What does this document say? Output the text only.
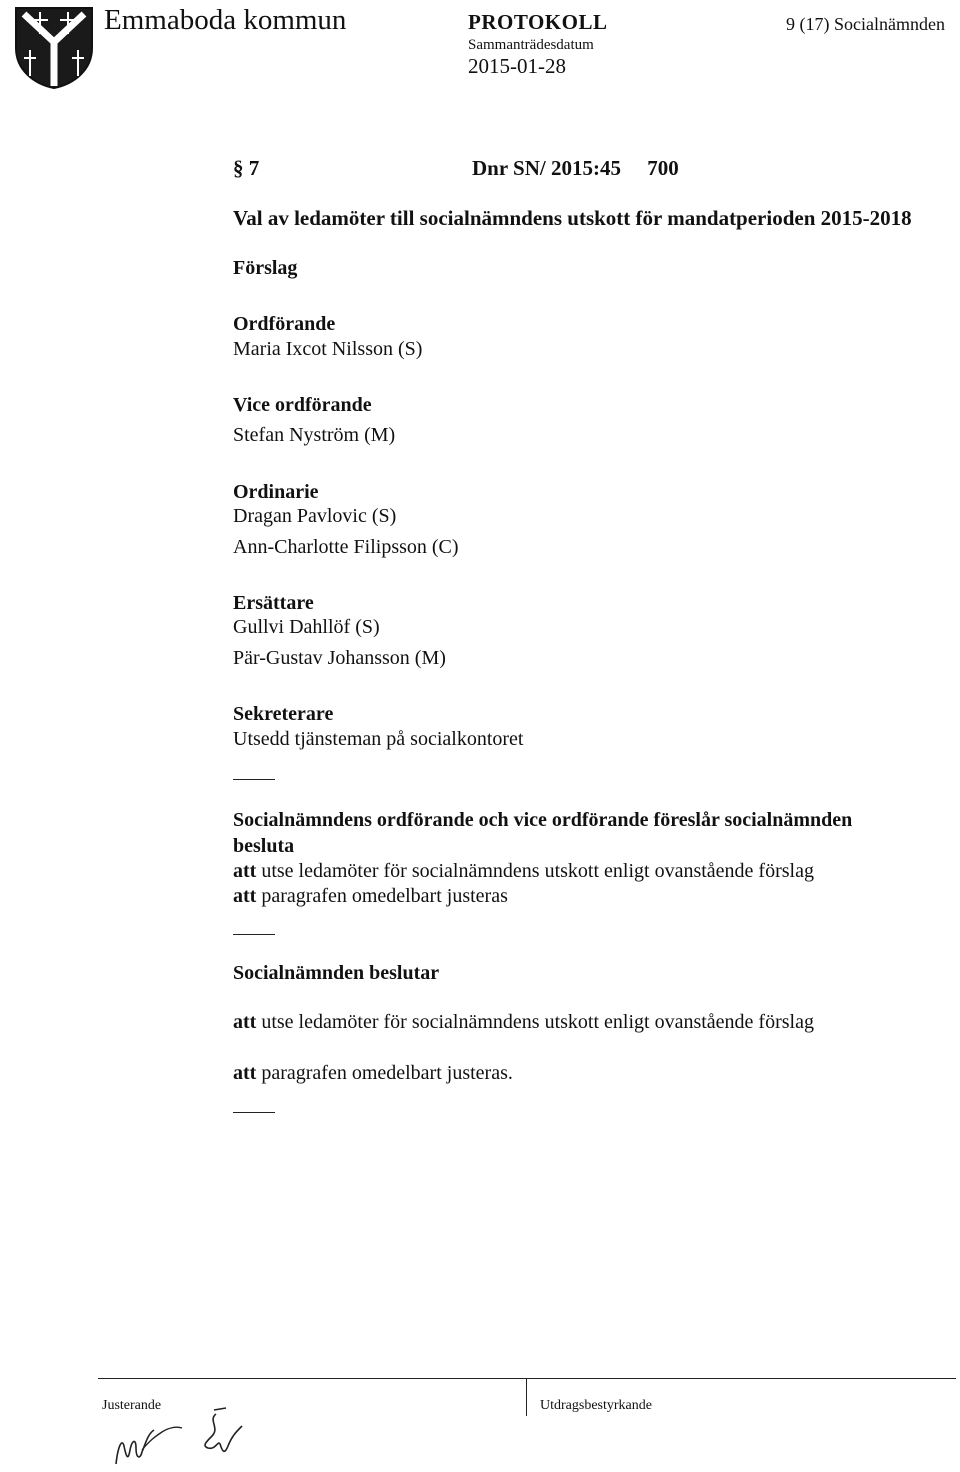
Emmaboda kommun	PROTOKOLL
Sammanträdesdatum
2015-01-28
9 (17) Socialnämnden
§ 7	Dnr SN/ 2015:45     700
Val av ledamöter till socialnämndens utskott för mandatperioden 2015-2018
Förslag
Ordförande
Maria Ixcot Nilsson (S)
Vice ordförande
Stefan Nyström (M)
Ordinarie
Dragan Pavlovic (S)
Ann-Charlotte Filipsson (C)
Ersättare
Gullvi Dahllöf (S)
Pär-Gustav Johansson (M)
Sekreterare
Utsedd tjänsteman på socialkontoret
Socialnämndens ordförande och vice ordförande föreslår socialnämnden
besluta
att utse ledamöter för socialnämndens utskott enligt ovanstående förslag
att paragrafen omedelbart justeras
Socialnämnden beslutar
att utse ledamöter för socialnämndens utskott enligt ovanstående förslag
att paragrafen omedelbart justeras.
Justerande	Utdragsbestyrkande
